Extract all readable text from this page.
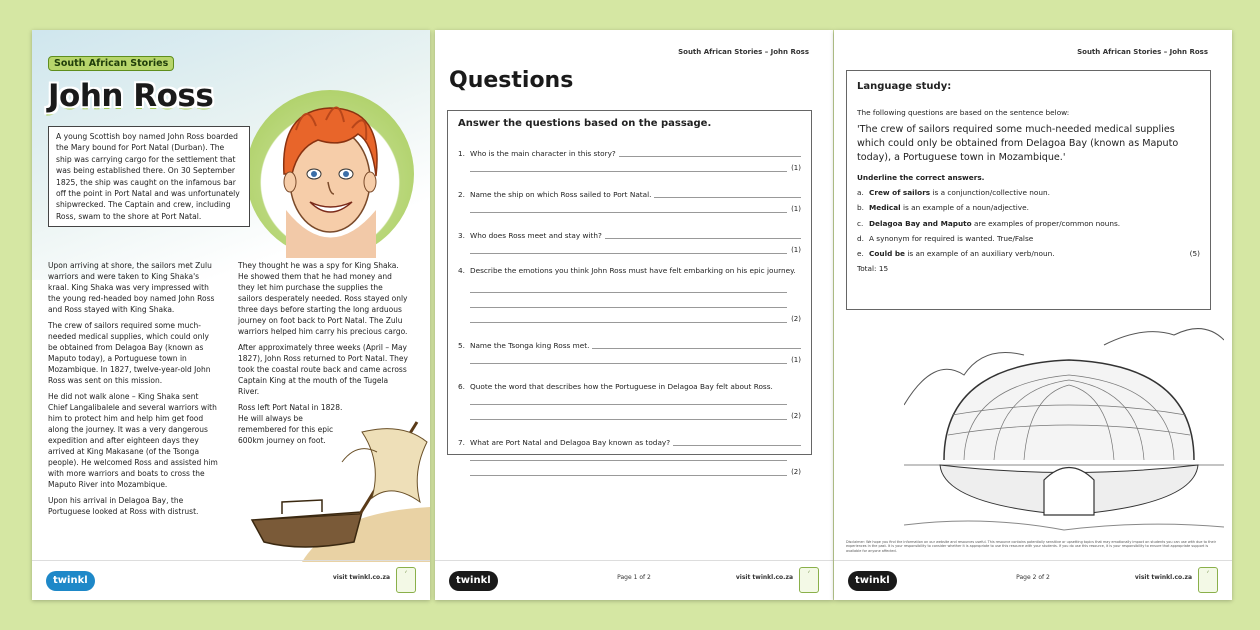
South African Stories
John Ross
A young Scottish boy named John Ross boarded the Mary bound for Port Natal (Durban). The ship was carrying cargo for the settlement that was being established there. On 30 September 1825, the ship was caught on the infamous bar off the point in Port Natal and was unfortunately shipwrecked. The Captain and crew, including Ross, swam to the shore at Port Natal.

Upon arriving at shore, the sailors met Zulu warriors and were taken to King Shaka's kraal. King Shaka was very impressed with the young red-headed boy named John Ross and Ross stayed with King Shaka.

The crew of sailors required some much-needed medical supplies, which could only be obtained from Delagoa Bay (known as Maputo today), a Portuguese town in Mozambique. In 1827, twelve-year-old John Ross was sent on this mission.

He did not walk alone – King Shaka sent Chief Langalibalele and several warriors with him to protect him and help him get food along the journey. It was a very dangerous expedition and after eighteen days they arrived at King Makasane (of the Tsonga people). He welcomed Ross and assisted him with more warriors and boats to cross the Maputo River into Mozambique.

Upon his arrival in Delagoa Bay, the Portuguese looked at Ross with distrust.

They thought he was a spy for King Shaka. He showed them that he had money and they let him purchase the supplies the sailors desperately needed. Ross stayed only three days before starting the long arduous journey on foot back to Port Natal. The Zulu warriors helped him carry his precious cargo.

After approximately three weeks (April – May 1827), John Ross returned to Port Natal. They took the coastal route back and came across Captain King at the mouth of the Tugela River.

Ross left Port Natal in 1828. He will always be remembered for this epic 600km journey on foot.

twinkl	visit twinkl.co.za
✓
South African Stories – John Ross
Questions
Answer the questions based on the passage.
1. Who is the main character in this story?
(1)
2. Name the ship on which Ross sailed to Port Natal.
(1)
3. Who does Ross meet and stay with?
(1)
4. Describe the emotions you think John Ross must have felt embarking on his epic journey.
(2)
5. Name the Tsonga king Ross met.
(1)
6. Quote the word that describes how the Portuguese in Delagoa Bay felt about Ross.
(2)
7. What are Port Natal and Delagoa Bay known as today?
(2)
twinkl	Page 1 of 2	visit twinkl.co.za
✓
South African Stories – John Ross
Language study:
The following questions are based on the sentence below:
'The crew of sailors required some much-needed medical supplies which could only be obtained from Delagoa Bay (known as Maputo today), a Portuguese town in Mozambique.'
Underline the correct answers.
a. Crew of sailors is a conjunction/collective noun.
b. Medical is an example of a noun/adjective.
c. Delagoa Bay and Maputo are examples of proper/common nouns.
d. A synonym for required is wanted. True/False
e. Could be is an example of an auxiliary verb/noun.	(5)
Total: 15
Disclaimer: We hope you find the information on our website and resources useful. This resource contains potentially sensitive or upsetting topics that may emotionally impact on students you can use with due to their experiences in the past. It is your responsibility to consider whether it is appropriate to use this resource with your students. If you do use this resource, it is your responsibility to ensure that appropriate support is available for anyone affected.
twinkl	Page 2 of 2	visit twinkl.co.za
✓
